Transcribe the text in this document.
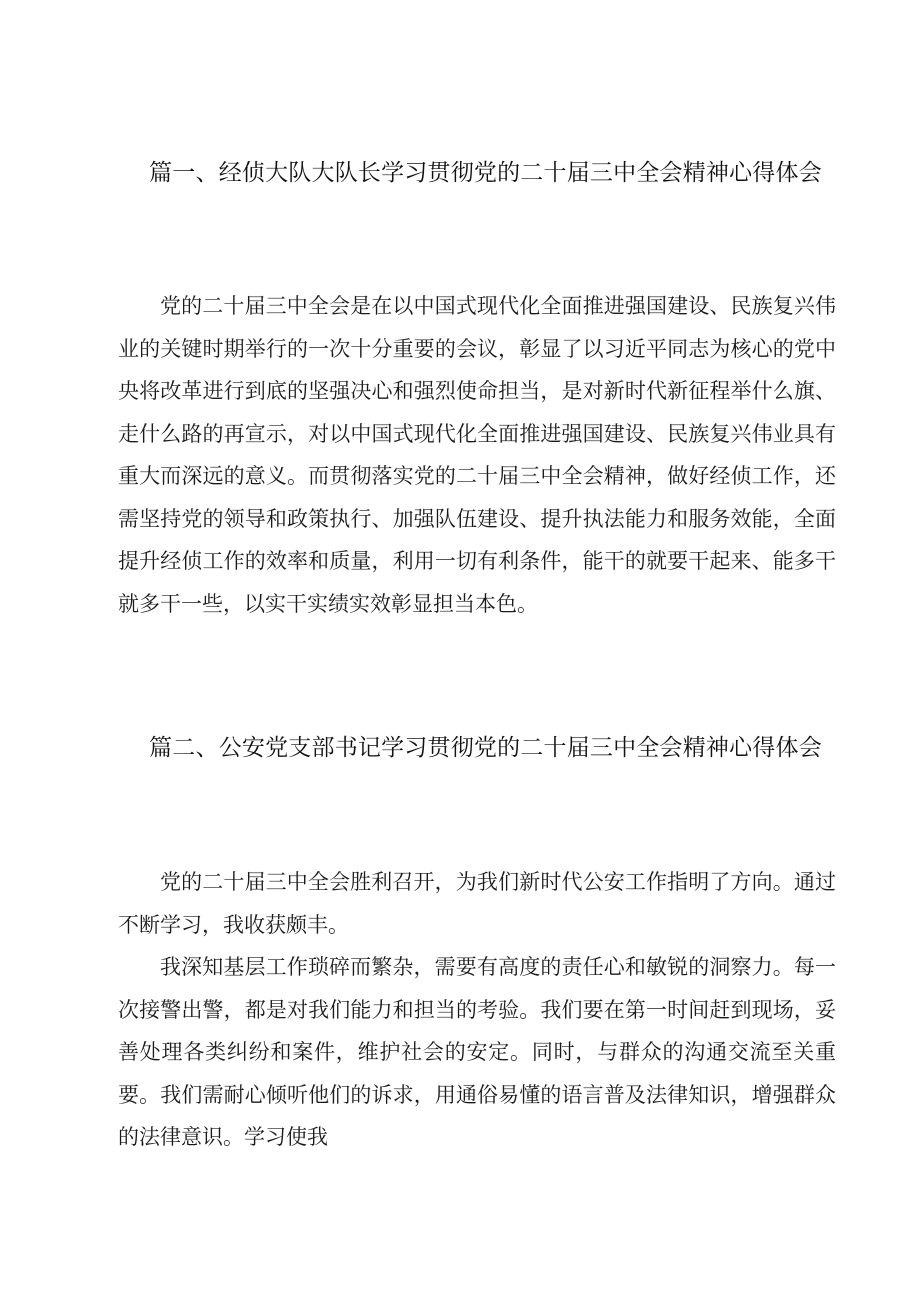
篇一、经侦大队大队长学习贯彻党的二十届三中全会精神心得体会

党的二十届三中全会是在以中国式现代化全面推进强国建设、民族复兴伟业的关键时期举行的一次十分重要的会议，彰显了以习近平同志为核心的党中央将改革进行到底的坚强决心和强烈使命担当，是对新时代新征程举什么旗、走什么路的再宣示，对以中国式现代化全面推进强国建设、民族复兴伟业具有重大而深远的意义。而贯彻落实党的二十届三中全会精神，做好经侦工作，还需坚持党的领导和政策执行、加强队伍建设、提升执法能力和服务效能，全面提升经侦工作的效率和质量，利用一切有利条件，能干的就要干起来、能多干就多干一些，以实干实绩实效彰显担当本色。

篇二、公安党支部书记学习贯彻党的二十届三中全会精神心得体会

党的二十届三中全会胜利召开，为我们新时代公安工作指明了方向。通过不断学习，我收获颇丰。

我深知基层工作琐碎而繁杂，需要有高度的责任心和敏锐的洞察力。每一次接警出警，都是对我们能力和担当的考验。我们要在第一时间赶到现场，妥善处理各类纠纷和案件，维护社会的安定。同时，与群众的沟通交流至关重要。我们需耐心倾听他们的诉求，用通俗易懂的语言普及法律知识，增强群众的法律意识。学习使我
